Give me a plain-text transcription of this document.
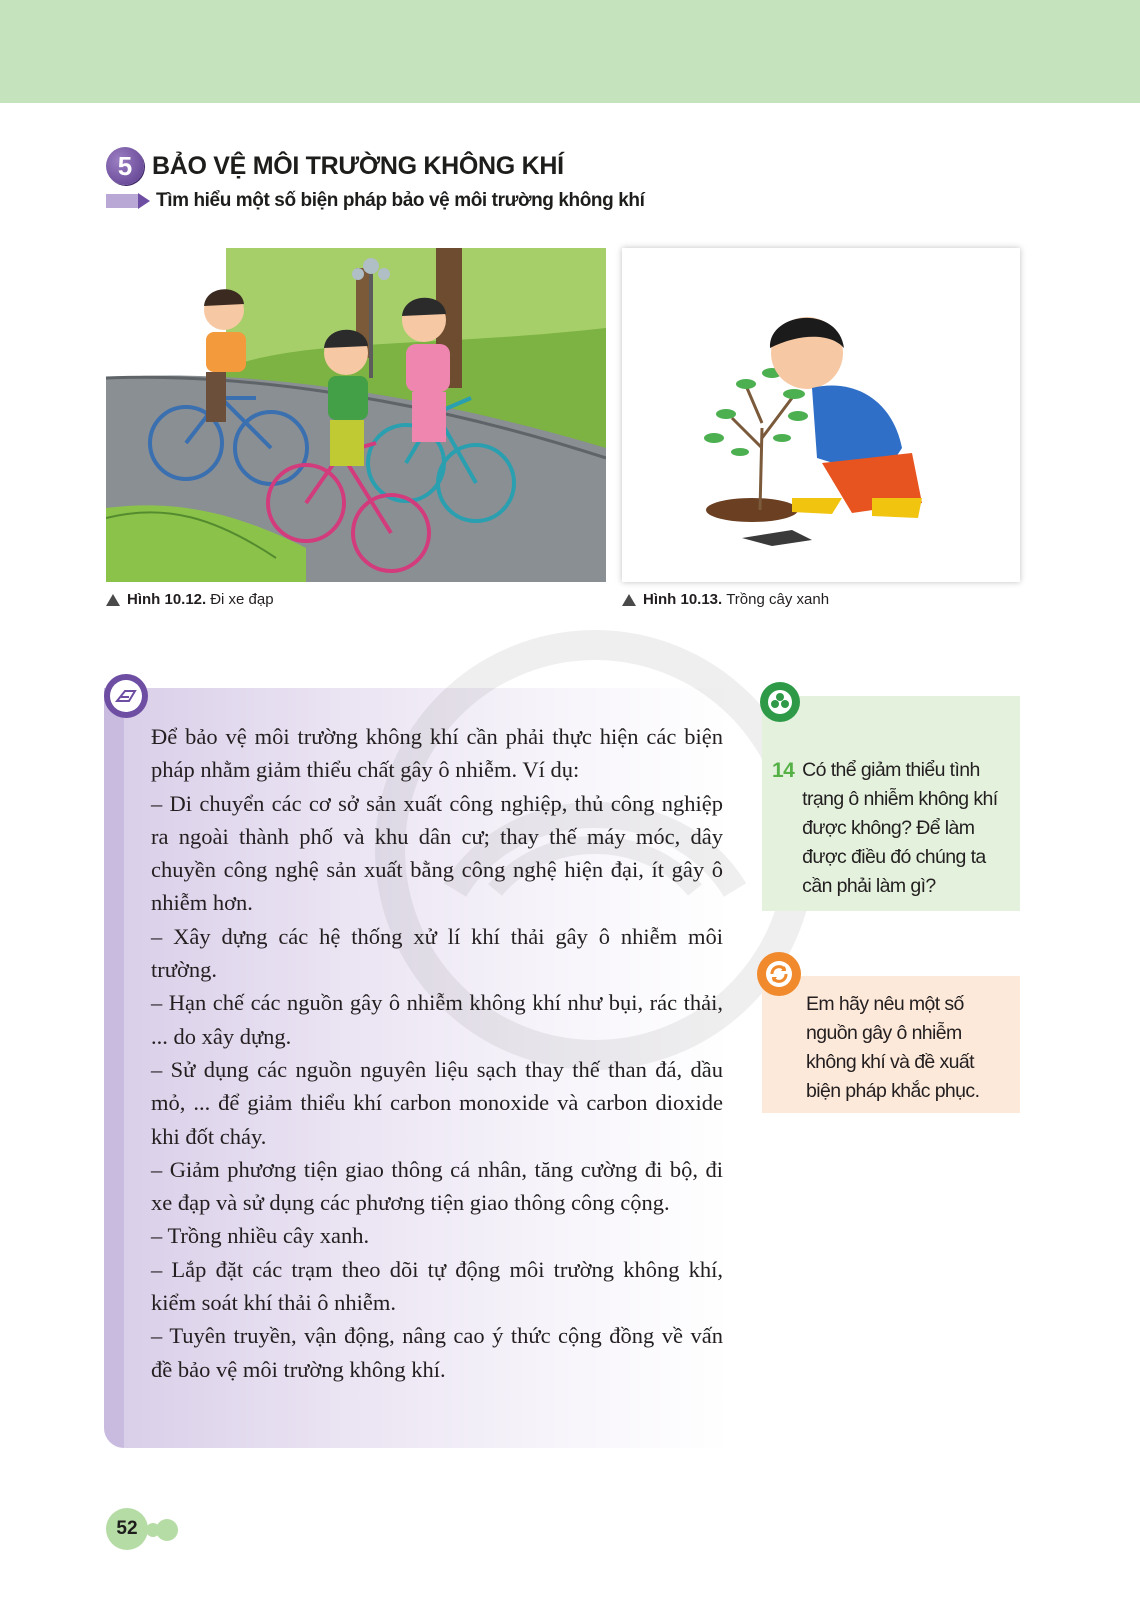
5 BẢO VỆ MÔI TRƯỜNG KHÔNG KHÍ
Tìm hiểu một số biện pháp bảo vệ môi trường không khí
Hình 10.12. Đi xe đạp	Hình 10.13. Trồng cây xanh

Để bảo vệ môi trường không khí cần phải thực hiện các biện pháp nhằm giảm thiểu chất gây ô nhiễm. Ví dụ:

– Di chuyển các cơ sở sản xuất công nghiệp, thủ công nghiệp ra ngoài thành phố và khu dân cư; thay thế máy móc, dây chuyền công nghệ sản xuất bằng công nghệ hiện đại, ít gây ô nhiễm hơn.

– Xây dựng các hệ thống xử lí khí thải gây ô nhiễm môi trường.

– Hạn chế các nguồn gây ô nhiễm không khí như bụi, rác thải, ... do xây dựng.

– Sử dụng các nguồn nguyên liệu sạch thay thế than đá, dầu mỏ, ... để giảm thiểu khí carbon monoxide và carbon dioxide khi đốt cháy.

– Giảm phương tiện giao thông cá nhân, tăng cường đi bộ, đi xe đạp và sử dụng các phương tiện giao thông công cộng.

– Trồng nhiều cây xanh.

– Lắp đặt các trạm theo dõi tự động môi trường không khí, kiểm soát khí thải ô nhiễm.

– Tuyên truyền, vận động, nâng cao ý thức cộng đồng về vấn đề bảo vệ môi trường không khí.

14 Có thể giảm thiểu tình trạng ô nhiễm không khí được không? Để làm được điều đó chúng ta cần phải làm gì?
Em hãy nêu một số nguồn gây ô nhiễm không khí và đề xuất biện pháp khắc phục.
52
